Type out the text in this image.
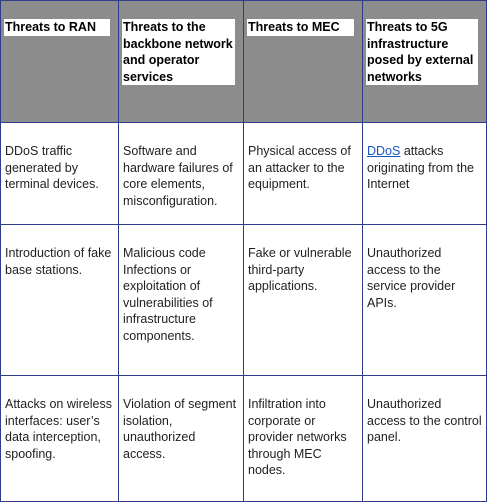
Threats to RAN	Threats to the backbone network and operator services	Threats to MEC	Threats to 5G infrastructure posed by external networks
DDoS traffic generated by terminal devices.	Software and hardware failures of core elements, misconfiguration.	Physical access of an attacker to the equipment.	DDoS attacks originating from the Internet
Introduction of fake base stations.	Malicious code Infections or exploitation of vulnerabilities of infrastructure components.	Fake or vulnerable third-party applications.	Unauthorized access to the service provider APIs.
Attacks on wireless interfaces: user’s data interception, spoofing.	Violation of segment isolation, unauthorized access.	Infiltration into corporate or provider networks through MEC nodes.	Unauthorized access to the control panel.
